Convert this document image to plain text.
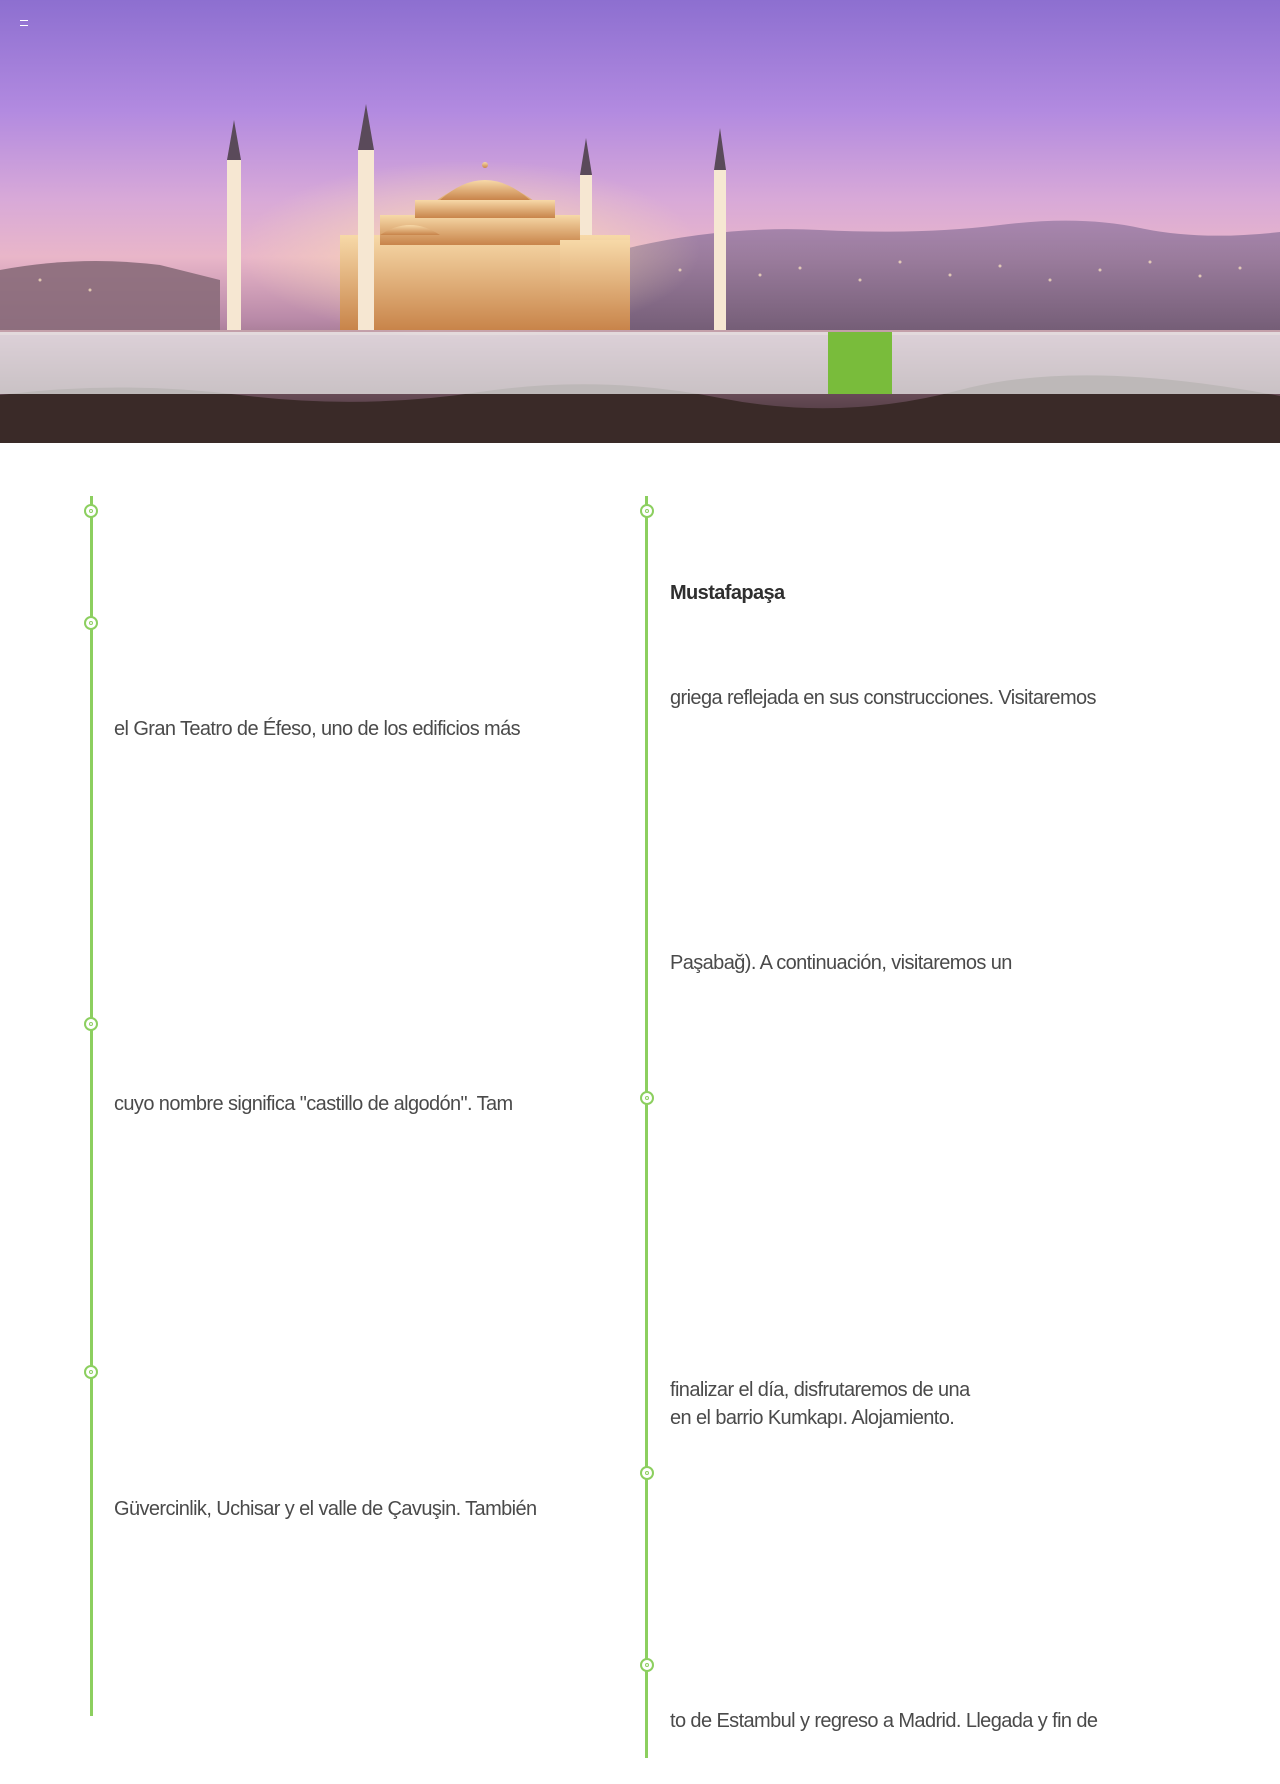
el Gran Teatro de Éfeso, uno de los edificios más
cuyo nombre significa "castillo de algodón". Tam
Güvercinlik, Uchisar y el valle de Çavuşin. También
Mustafapaşa
griega reflejada en sus construcciones. Visitaremos
Paşabağ). A continuación, visitaremos un
finalizar el día, disfrutaremos de una
en el barrio Kumkapı. Alojamiento.
to de Estambul y regreso a Madrid. Llegada y fin de
